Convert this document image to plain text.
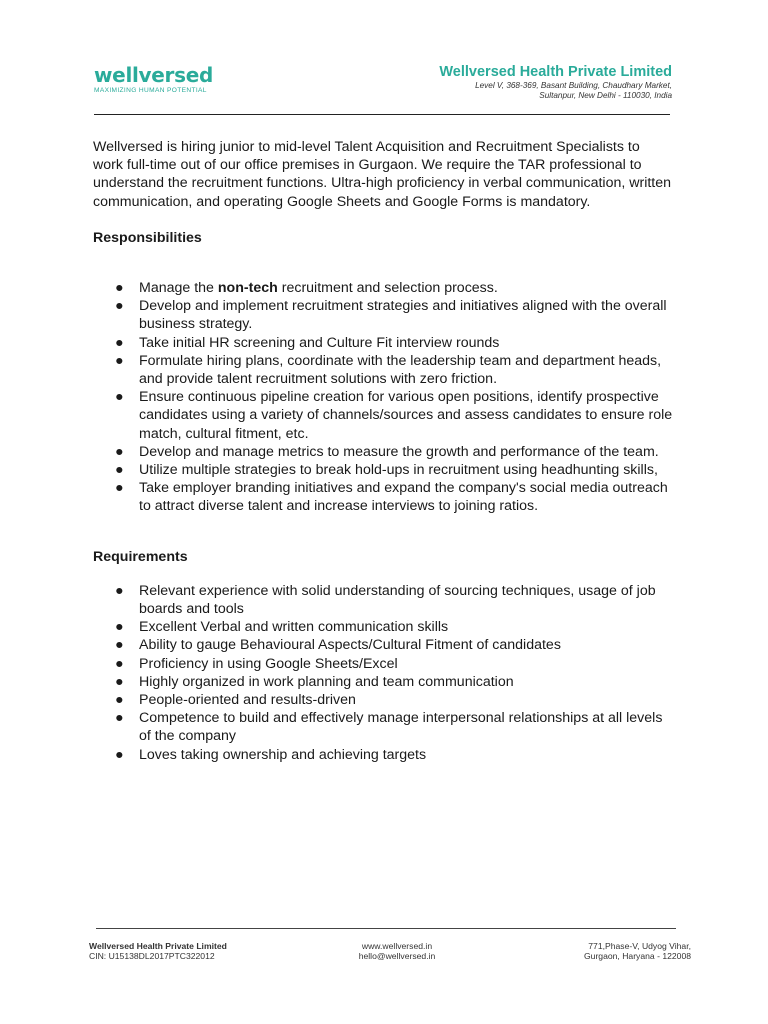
wellversed
MAXIMIZING HUMAN POTENTIAL
Wellversed Health Private Limited
Level V, 368-369, Basant Building, Chaudhary Market,
Sultanpur, New Delhi - 110030, India

Wellversed is hiring junior to mid-level Talent Acquisition and Recruitment Specialists to work full-time out of our office premises in Gurgaon. We require the TAR professional to understand the recruitment functions. Ultra-high proficiency in verbal communication, written communication, and operating Google Sheets and Google Forms is mandatory.

Responsibilities

● Manage the non-tech recruitment and selection process.
● Develop and implement recruitment strategies and initiatives aligned with the overall business strategy.
● Take initial HR screening and Culture Fit interview rounds
● Formulate hiring plans, coordinate with the leadership team and department heads, and provide talent recruitment solutions with zero friction.
● Ensure continuous pipeline creation for various open positions, identify prospective candidates using a variety of channels/sources and assess candidates to ensure role match, cultural fitment, etc.
● Develop and manage metrics to measure the growth and performance of the team.
● Utilize multiple strategies to break hold-ups in recruitment using headhunting skills,
● Take employer branding initiatives and expand the company's social media outreach to attract diverse talent and increase interviews to joining ratios.

Requirements

● Relevant experience with solid understanding of sourcing techniques, usage of job boards and tools
● Excellent Verbal and written communication skills
● Ability to gauge Behavioural Aspects/Cultural Fitment of candidates
● Proficiency in using Google Sheets/Excel
● Highly organized in work planning and team communication
● People-oriented and results-driven
● Competence to build and effectively manage interpersonal relationships at all levels of the company
● Loves taking ownership and achieving targets
Wellversed Health Private Limited
CIN: U15138DL2017PTC322012
www.wellversed.in
hello@wellversed.in
771,Phase-V, Udyog Vihar,
Gurgaon, Haryana - 122008
